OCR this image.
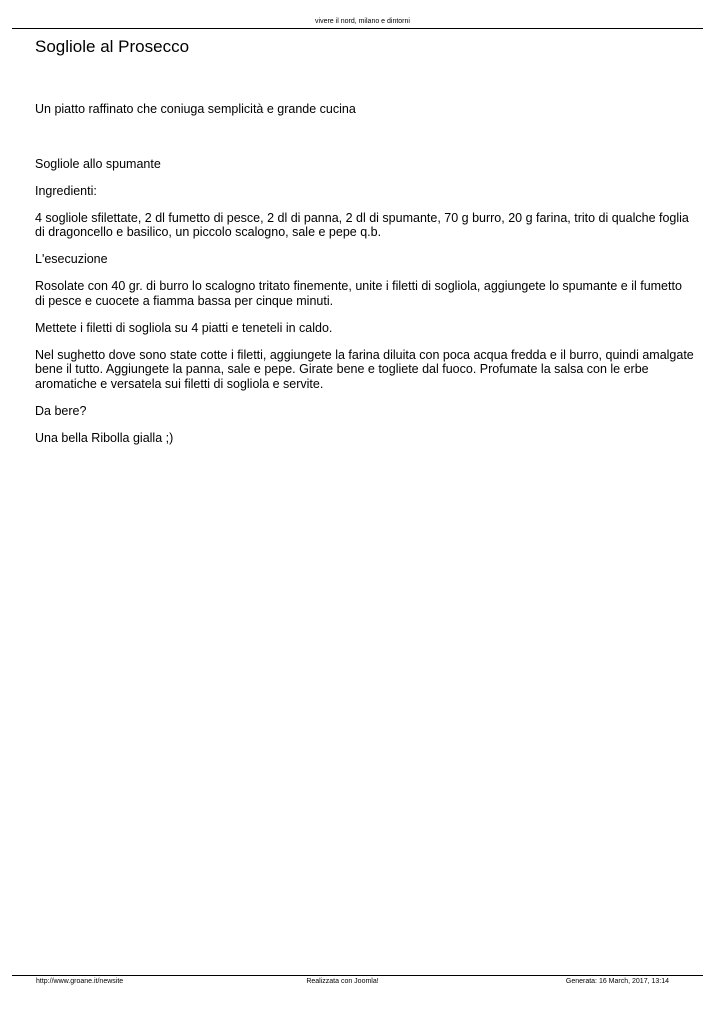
vivere il nord, milano e dintorni
Sogliole al Prosecco

Un piatto raffinato che coniuga semplicità e grande cucina

Sogliole allo spumante

Ingredienti:

4 sogliole sfilettate, 2 dl fumetto di pesce, 2 dl di panna, 2 dl di spumante, 70 g burro, 20 g farina, trito di qualche foglia di dragoncello e basilico, un piccolo scalogno, sale e pepe q.b.

L'esecuzione

Rosolate con 40 gr. di burro lo scalogno tritato finemente, unite i filetti di sogliola, aggiungete lo spumante e il fumetto di pesce e cuocete a fiamma bassa per cinque minuti.

Mettete i filetti di sogliola su 4 piatti e teneteli in caldo.

Nel sughetto dove sono state cotte i filetti, aggiungete la farina diluita con poca acqua fredda e il burro, quindi amalgate bene il tutto. Aggiungete la panna, sale e pepe. Girate bene e togliete dal fuoco. Profumate la salsa con le erbe aromatiche e versatela sui filetti di sogliola e servite.

Da bere?

Una bella Ribolla gialla ;)

http://www.groane.it/newsite	Realizzata con Joomla!	Generata: 16 March, 2017, 13:14
